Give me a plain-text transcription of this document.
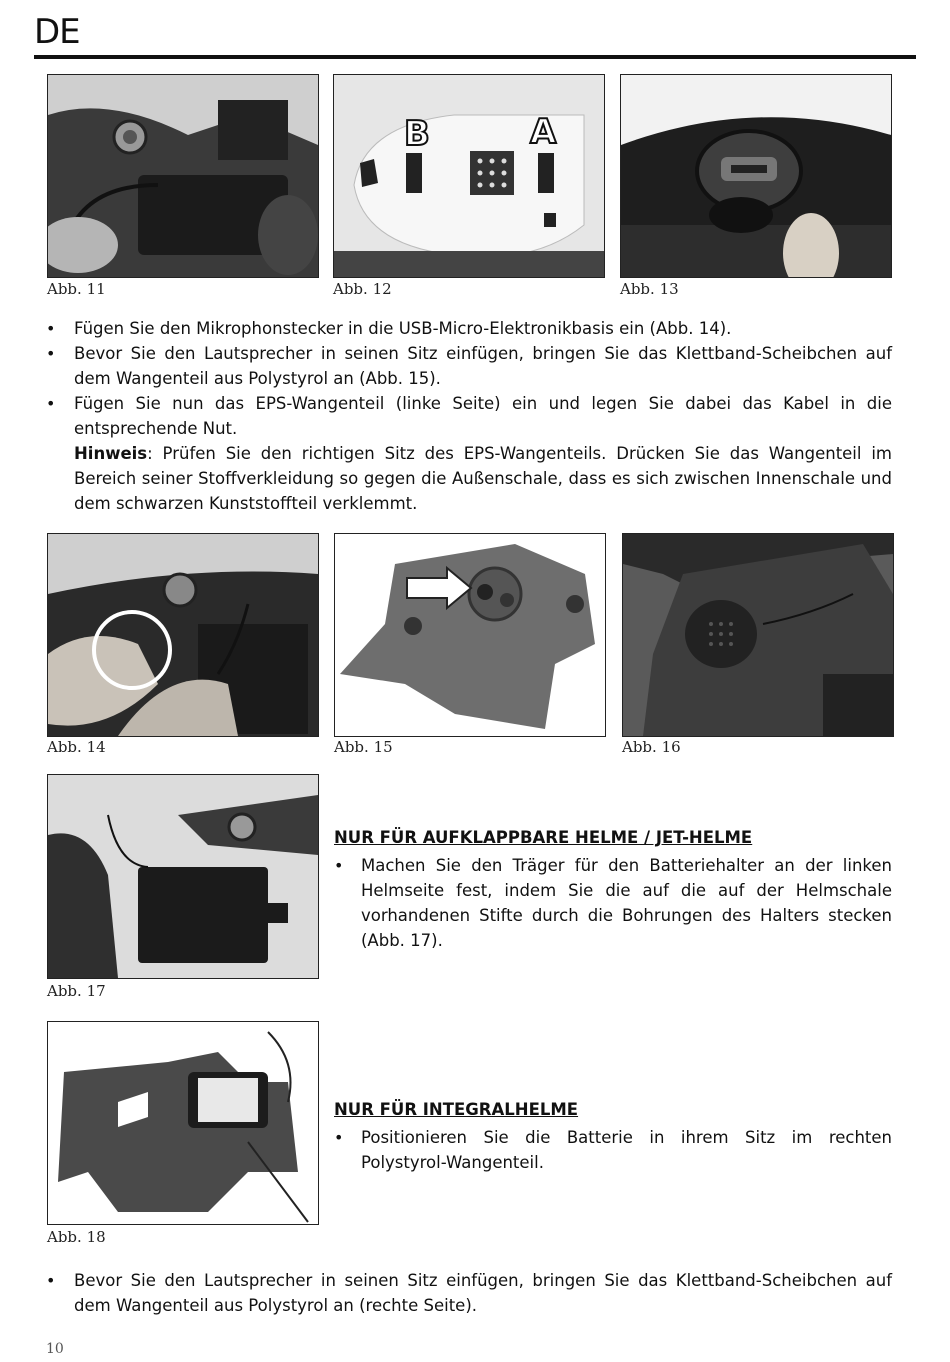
DE
Abb. 11
B	A
Abb. 12	Abb. 13
•	Fügen Sie den Mikrophonstecker in die USB-Micro-Elektronikbasis ein (Abb. 14).
•	Bevor Sie den Lautsprecher in seinen Sitz einfügen, bringen Sie das Klettband-Scheibchen auf dem Wangenteil aus Polystyrol an (Abb. 15).
•	Fügen Sie nun das EPS-Wangenteil (linke Seite) ein und legen Sie dabei das Kabel in die entsprechende Nut.
Hinweis: Prüfen Sie den richtigen Sitz des EPS-Wangenteils. Drücken Sie das Wangenteil im Bereich seiner Stoffverkleidung so gegen die Außenschale, dass es sich zwischen Innenschale und dem schwarzen Kunststoffteil verklemmt.
Abb. 14	Abb. 15	Abb. 16
Abb. 17
NUR FÜR AUFKLAPPBARE HELME / JET-HELME
•	Machen Sie den Träger für den Batteriehalter an der linken Helmseite fest, indem Sie die auf die auf der Helmschale vorhandenen Stifte durch die Bohrungen des Halters stecken (Abb. 17).
Abb. 18
NUR FÜR INTEGRALHELME
•	Positionieren Sie die Batterie in ihrem Sitz im rechten Polystyrol-Wangenteil.
•	Bevor Sie den Lautsprecher in seinen Sitz einfügen, bringen Sie das Klettband-Scheibchen auf dem Wangenteil aus Polystyrol an (rechte Seite).
10
